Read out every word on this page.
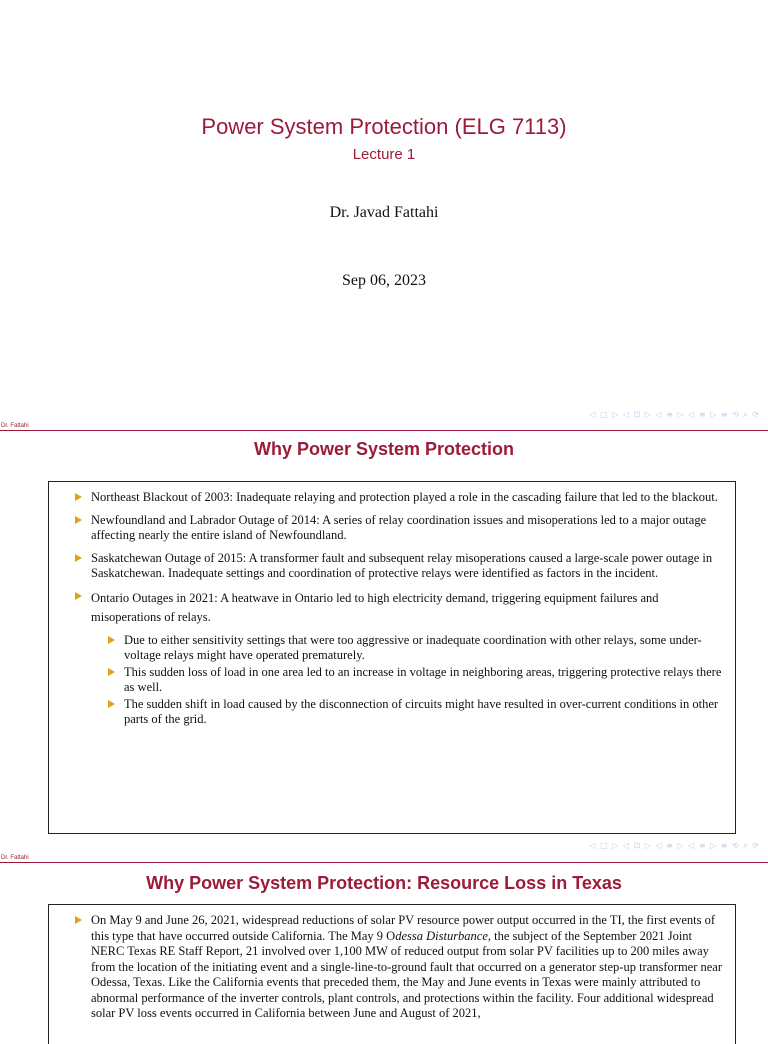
Power System Protection (ELG 7113)
Lecture 1
Dr. Javad Fattahi
Sep 06, 2023
◁ □ ▷ ◁ ⊡ ▷ ◁ ≡ ▷ ◁ ≡ ▷ ≡ ⟲ ⌕ ⟳
Dr. Fattahi
Why Power System Protection
Northeast Blackout of 2003: Inadequate relaying and protection played a role in the cascading failure that led to the blackout.
Newfoundland and Labrador Outage of 2014: A series of relay coordination issues and misoperations led to a major outage affecting nearly the entire island of Newfoundland.
Saskatchewan Outage of 2015: A transformer fault and subsequent relay misoperations caused a large-scale power outage in Saskatchewan. Inadequate settings and coordination of protective relays were identified as factors in the incident.
Ontario Outages in 2021: A heatwave in Ontario led to high electricity demand, triggering equipment failures and misoperations of relays.
Due to either sensitivity settings that were too aggressive or inadequate coordination with other relays, some under-voltage relays might have operated prematurely.
This sudden loss of load in one area led to an increase in voltage in neighboring areas, triggering protective relays there as well.
The sudden shift in load caused by the disconnection of circuits might have resulted in over-current conditions in other parts of the grid.
◁ □ ▷ ◁ ⊡ ▷ ◁ ≡ ▷ ◁ ≡ ▷ ≡ ⟲ ⌕ ⟳
Dr. Fattahi
Why Power System Protection: Resource Loss in Texas
On May 9 and June 26, 2021, widespread reductions of solar PV resource power output occurred in the TI, the first events of this type that have occurred outside California. The May 9 Odessa Disturbance, the subject of the September 2021 Joint NERC Texas RE Staff Report, 21 involved over 1,100 MW of reduced output from solar PV facilities up to 200 miles away from the location of the initiating event and a single-line-to-ground fault that occurred on a generator step-up transformer near Odessa, Texas. Like the California events that preceded them, the May and June events in Texas were mainly attributed to abnormal performance of the inverter controls, plant controls, and protections within the facility. Four additional widespread solar PV loss events occurred in California between June and August of 2021,
